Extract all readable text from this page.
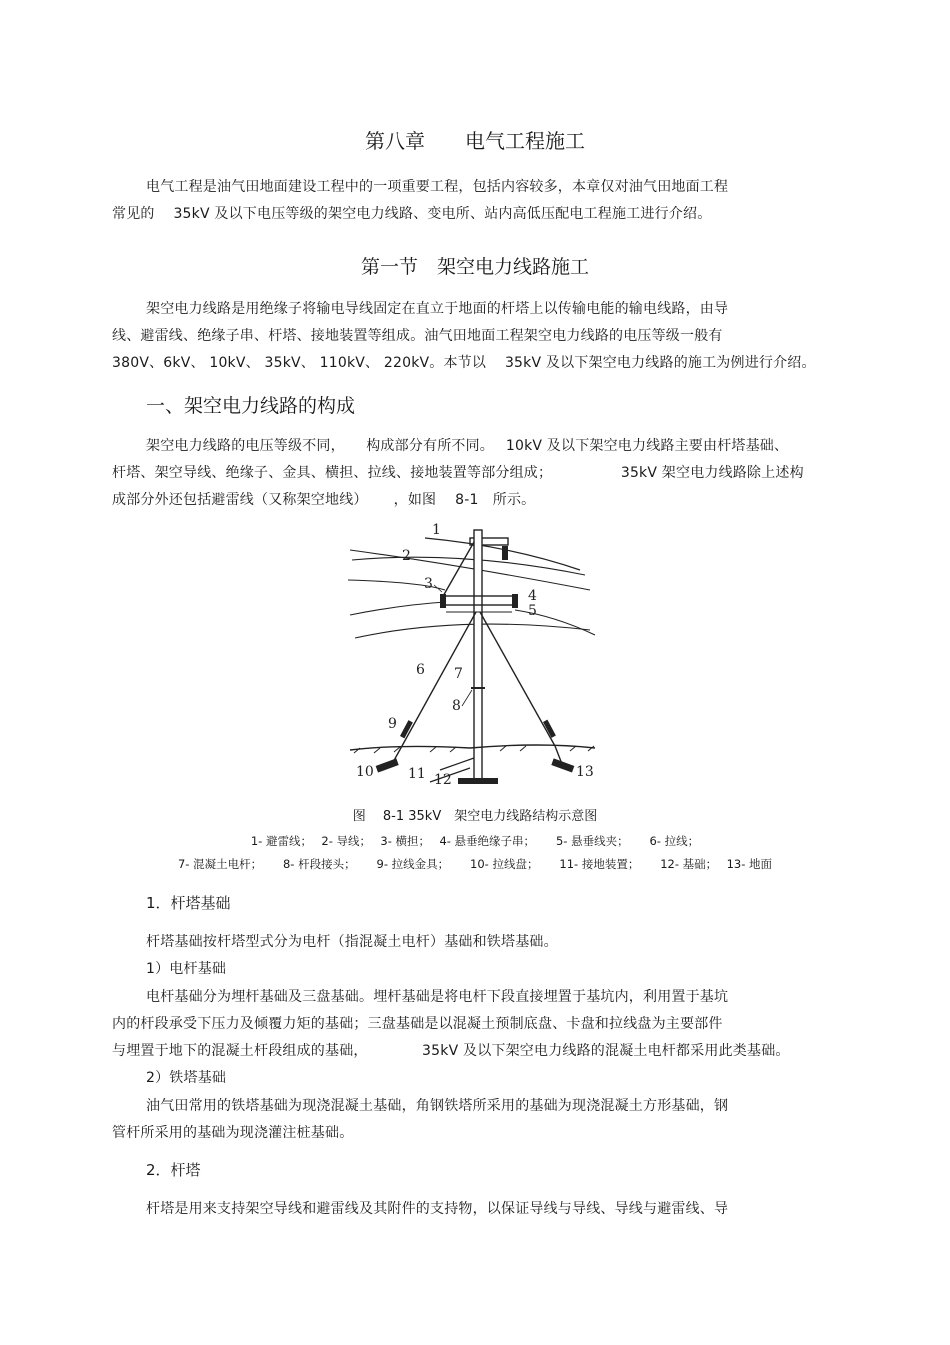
第八章　　电气工程施工
电气工程是油气田地面建设工程中的一项重要工程，包括内容较多，本章仅对油气田地面工程
常见的　 35kV 及以下电压等级的架空电力线路、变电所、站内高低压配电工程施工进行介绍。
第一节　架空电力线路施工
架空电力线路是用绝缘子将输电导线固定在直立于地面的杆塔上以传输电能的输电线路，由导
线、避雷线、绝缘子串、杆塔、接地装置等组成。油气田地面工程架空电力线路的电压等级一般有
380V、6kV、 10kV、 35kV、 110kV、 220kV。本节以　 35kV 及以下架空电力线路的施工为例进行介绍。
一、架空电力线路的构成
架空电力线路的电压等级不同，　　构成部分有所不同。　 10kV 及以下架空电力线路主要由杆塔基础、
杆塔、架空导线、绝缘子、金具、横担、拉线、接地装置等部分组成；　　　　　 35kV 架空电力线路除上述构
成部分外还包括避雷线（又称架空地线）　　 ，如图　 8-1　所示。
1
2
3
4
5
6 7
8
9
10 11 12	13
图　 8-1 35kV　架空电力线路结构示意图
1- 避雷线；　 2- 导线；　 3- 横担；　 4- 悬垂绝缘子串；　　 5- 悬垂线夹；　　 6- 拉线；
7- 混凝土电杆；　　 8- 杆段接头；　　 9- 拉线金具；　　 10- 拉线盘；　　 11- 接地装置；　　 12- 基础；　 13- 地面
1．杆塔基础
杆塔基础按杆塔型式分为电杆（指混凝土电杆）基础和铁塔基础。
1）电杆基础
电杆基础分为埋杆基础及三盘基础。埋杆基础是将电杆下段直接埋置于基坑内，利用置于基坑
内的杆段承受下压力及倾覆力矩的基础；三盘基础是以混凝土预制底盘、卡盘和拉线盘为主要部件
与埋置于地下的混凝土杆段组成的基础，　　　　 35kV 及以下架空电力线路的混凝土电杆都采用此类基础。
2）铁塔基础
油气田常用的铁塔基础为现浇混凝土基础，角钢铁塔所采用的基础为现浇混凝土方形基础，钢
管杆所采用的基础为现浇灌注桩基础。
2．杆塔
杆塔是用来支持架空导线和避雷线及其附件的支持物，以保证导线与导线、导线与避雷线、导
